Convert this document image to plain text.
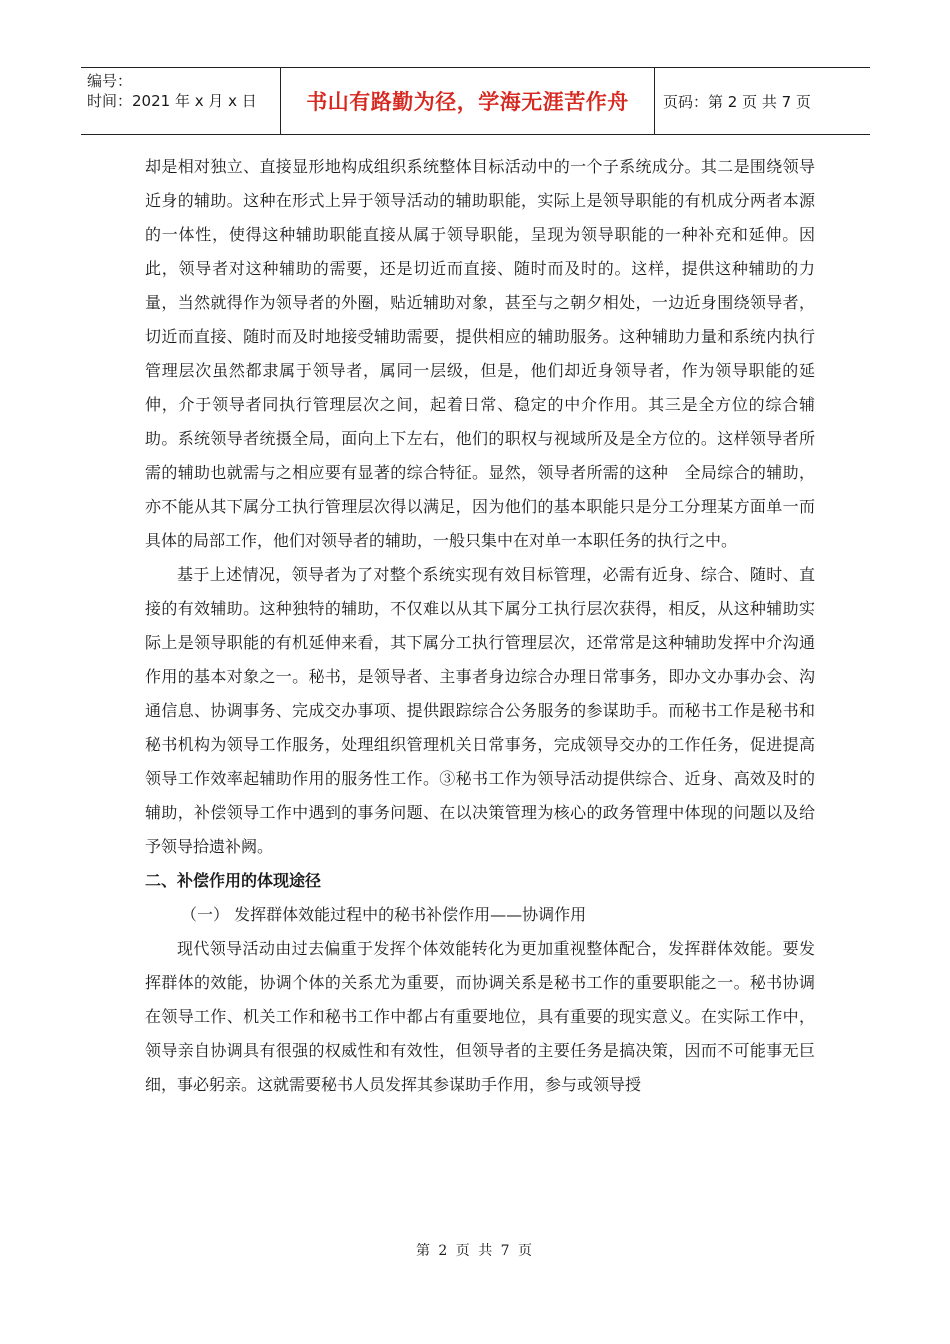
编号：
时间：2021 年 x 月 x 日	书山有路勤为径，学海无涯苦作舟	页码：第 2 页 共 7 页

却是相对独立、直接显形地构成组织系统整体目标活动中的一个子系统成分。其二是围绕领导近身的辅助。这种在形式上异于领导活动的辅助职能，实际上是领导职能的有机成分两者本源的一体性，使得这种辅助职能直接从属于领导职能，呈现为领导职能的一种补充和延伸。因此，领导者对这种辅助的需要，还是切近而直接、随时而及时的。这样，提供这种辅助的力量，当然就得作为领导者的外圈，贴近辅助对象，甚至与之朝夕相处，一边近身围绕领导者，切近而直接、随时而及时地接受辅助需要，提供相应的辅助服务。这种辅助力量和系统内执行管理层次虽然都隶属于领导者，属同一层级，但是，他们却近身领导者，作为领导职能的延伸，介于领导者同执行管理层次之间，起着日常、稳定的中介作用。其三是全方位的综合辅助。系统领导者统摄全局，面向上下左右，他们的职权与视域所及是全方位的。这样领导者所需的辅助也就需与之相应要有显著的综合特征。显然，领导者所需的这种　全局综合的辅助，亦不能从其下属分工执行管理层次得以满足，因为他们的基本职能只是分工分理某方面单一而具体的局部工作，他们对领导者的辅助，一般只集中在对单一本职任务的执行之中。

基于上述情况，领导者为了对整个系统实现有效目标管理，必需有近身、综合、随时、直接的有效辅助。这种独特的辅助，不仅难以从其下属分工执行层次获得，相反，从这种辅助实际上是领导职能的有机延伸来看，其下属分工执行管理层次，还常常是这种辅助发挥中介沟通作用的基本对象之一。秘书，是领导者、主事者身边综合办理日常事务，即办文办事办会、沟通信息、协调事务、完成交办事项、提供跟踪综合公务服务的参谋助手。而秘书工作是秘书和秘书机构为领导工作服务，处理组织管理机关日常事务，完成领导交办的工作任务，促进提高领导工作效率起辅助作用的服务性工作。③秘书工作为领导活动提供综合、近身、高效及时的辅助，补偿领导工作中遇到的事务问题、在以决策管理为核心的政务管理中体现的问题以及给予领导拾遗补阙。

二、补偿作用的体现途径

（一） 发挥群体效能过程中的秘书补偿作用——协调作用

现代领导活动由过去偏重于发挥个体效能转化为更加重视整体配合，发挥群体效能。要发挥群体的效能，协调个体的关系尤为重要，而协调关系是秘书工作的重要职能之一。秘书协调在领导工作、机关工作和秘书工作中都占有重要地位，具有重要的现实意义。在实际工作中，领导亲自协调具有很强的权威性和有效性，但领导者的主要任务是搞决策，因而不可能事无巨细，事必躬亲。这就需要秘书人员发挥其参谋助手作用，参与或领导授

第 2 页 共 7 页
